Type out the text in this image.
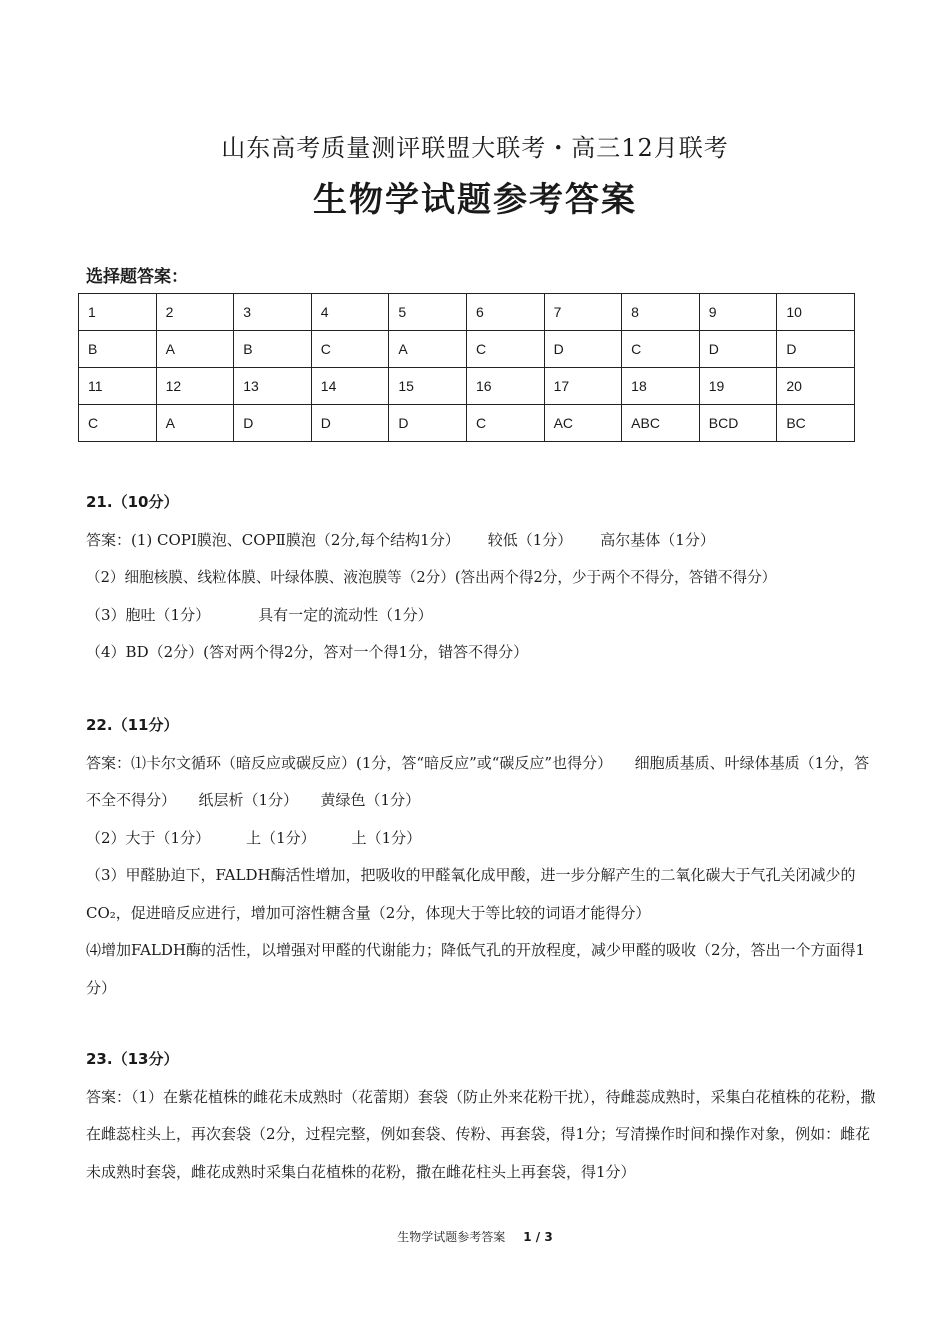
山东高考质量测评联盟大联考・高三12月联考
生物学试题参考答案
选择题答案：
1	2	3	4	5	6	7	8	9	10
B	A	B	C	A	C	D	C	D	D
11	12	13	14	15	16	17	18	19	20
C	A	D	D	D	C	AC	ABC	BCD	BC
21.（10分）
答案：(1) COPI膜泡、COPⅡ膜泡（2分,每个结构1分） 较低（1分） 高尔基体（1分）
（2）细胞核膜、线粒体膜、叶绿体膜、液泡膜等（2分）(答出两个得2分，少于两个不得分，答错不得分）
（3）胞吐（1分）	具有一定的流动性（1分）
（4）BD（2分）(答对两个得2分，答对一个得1分，错答不得分）
22.（11分）
答案：⑴卡尔文循环（暗反应或碳反应）(1分，答“暗反应”或“碳反应”也得分）　　细胞质基质、叶绿体基质（1分，答不全不得分）　　纸层析（1分）　　黄绿色（1分）
（2）大于（1分） 上（1分） 上（1分）
（3）甲醛胁迫下，FALDH酶活性增加，把吸收的甲醛氧化成甲酸，进一步分解产生的二氧化碳大于气孔关闭减少的CO₂，促进暗反应进行，增加可溶性糖含量（2分，体现大于等比较的词语才能得分）
⑷增加FALDH酶的活性，以增强对甲醛的代谢能力；降低气孔的开放程度，减少甲醛的吸收（2分，答出一个方面得1分）
23.（13分）
答案：（1）在紫花植株的雌花未成熟时（花蕾期）套袋（防止外来花粉干扰），待雌蕊成熟时，采集白花植株的花粉，撒在雌蕊柱头上，再次套袋（2分，过程完整，例如套袋、传粉、再套袋，得1分；写清操作时间和操作对象，例如：雌花未成熟时套袋，雌花成熟时采集白花植株的花粉，撒在雌花柱头上再套袋，得1分）
生物学试题参考答案 1 / 3
